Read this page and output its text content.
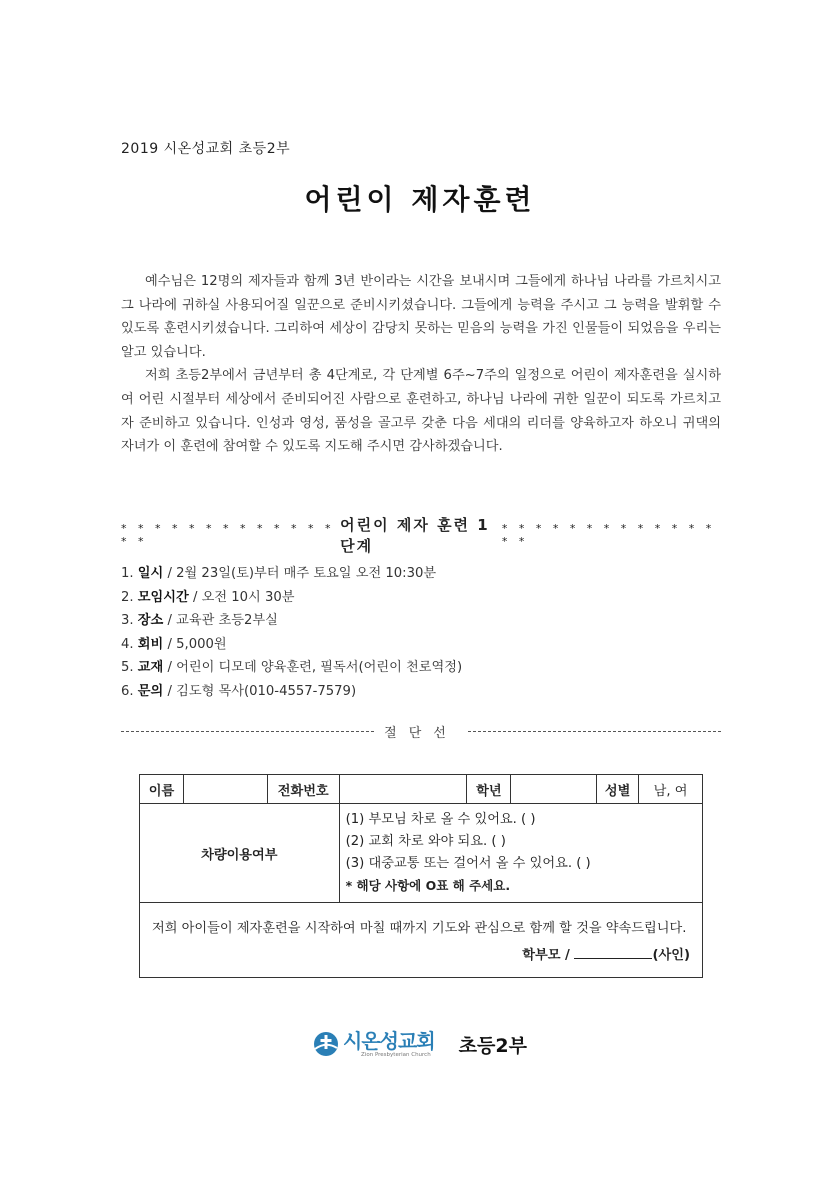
2019 시온성교회 초등2부
어린이 제자훈련

예수님은 12명의 제자들과 함께 3년 반이라는 시간을 보내시며 그들에게 하나님 나라를 가르치시고 그 나라에 귀하실 사용되어질 일꾼으로 준비시키셨습니다. 그들에게 능력을 주시고 그 능력을 발휘할 수 있도록 훈련시키셨습니다. 그리하여 세상이 감당치 못하는 믿음의 능력을 가진 인물들이 되었음을 우리는 알고 있습니다.

저희 초등2부에서 금년부터 총 4단계로, 각 단계별 6주~7주의 일정으로 어린이 제자훈련을 실시하여 어린 시절부터 세상에서 준비되어진 사람으로 훈련하고, 하나님 나라에 귀한 일꾼이 되도록 가르치고자 준비하고 있습니다. 인성과 영성, 품성을 골고루 갖춘 다음 세대의 리더를 양육하고자 하오니 귀댁의 자녀가 이 훈련에 참여할 수 있도록 지도해 주시면 감사하겠습니다.

* * * * * * * * * * * * * * *
어린이 제자 훈련 1단계
* * * * * * * * * * * * * * *
1. 일시 / 2월 23일(토)부터 매주 토요일 오전 10:30분
2. 모임시간 / 오전 10시 30분
3. 장소 / 교육관 초등2부실
4. 회비 / 5,000원
5. 교재 / 어린이 디모데 양육훈련, 필독서(어린이 천로역정)
6. 문의 / 김도형 목사(010-4557-7579)
절단선
이름		전화번호		학년		성별	남, 여
차량이용여부			(1) 부모님 차로 올 수 있어요. ( )
(2) 교회 차로 와야 되요. ( )
(3) 대중교통 또는 걸어서 올 수 있어요. ( )
* 해당 사항에 O표 해 주세요.				

저희 아이들이 제자훈련을 시작하여 마칠 때까지 기도와 관심으로 함께 할 것을 약속드립니다.
학부모 / (사인)							
시온성교회
Zion Presbyterian Church 초등2부
